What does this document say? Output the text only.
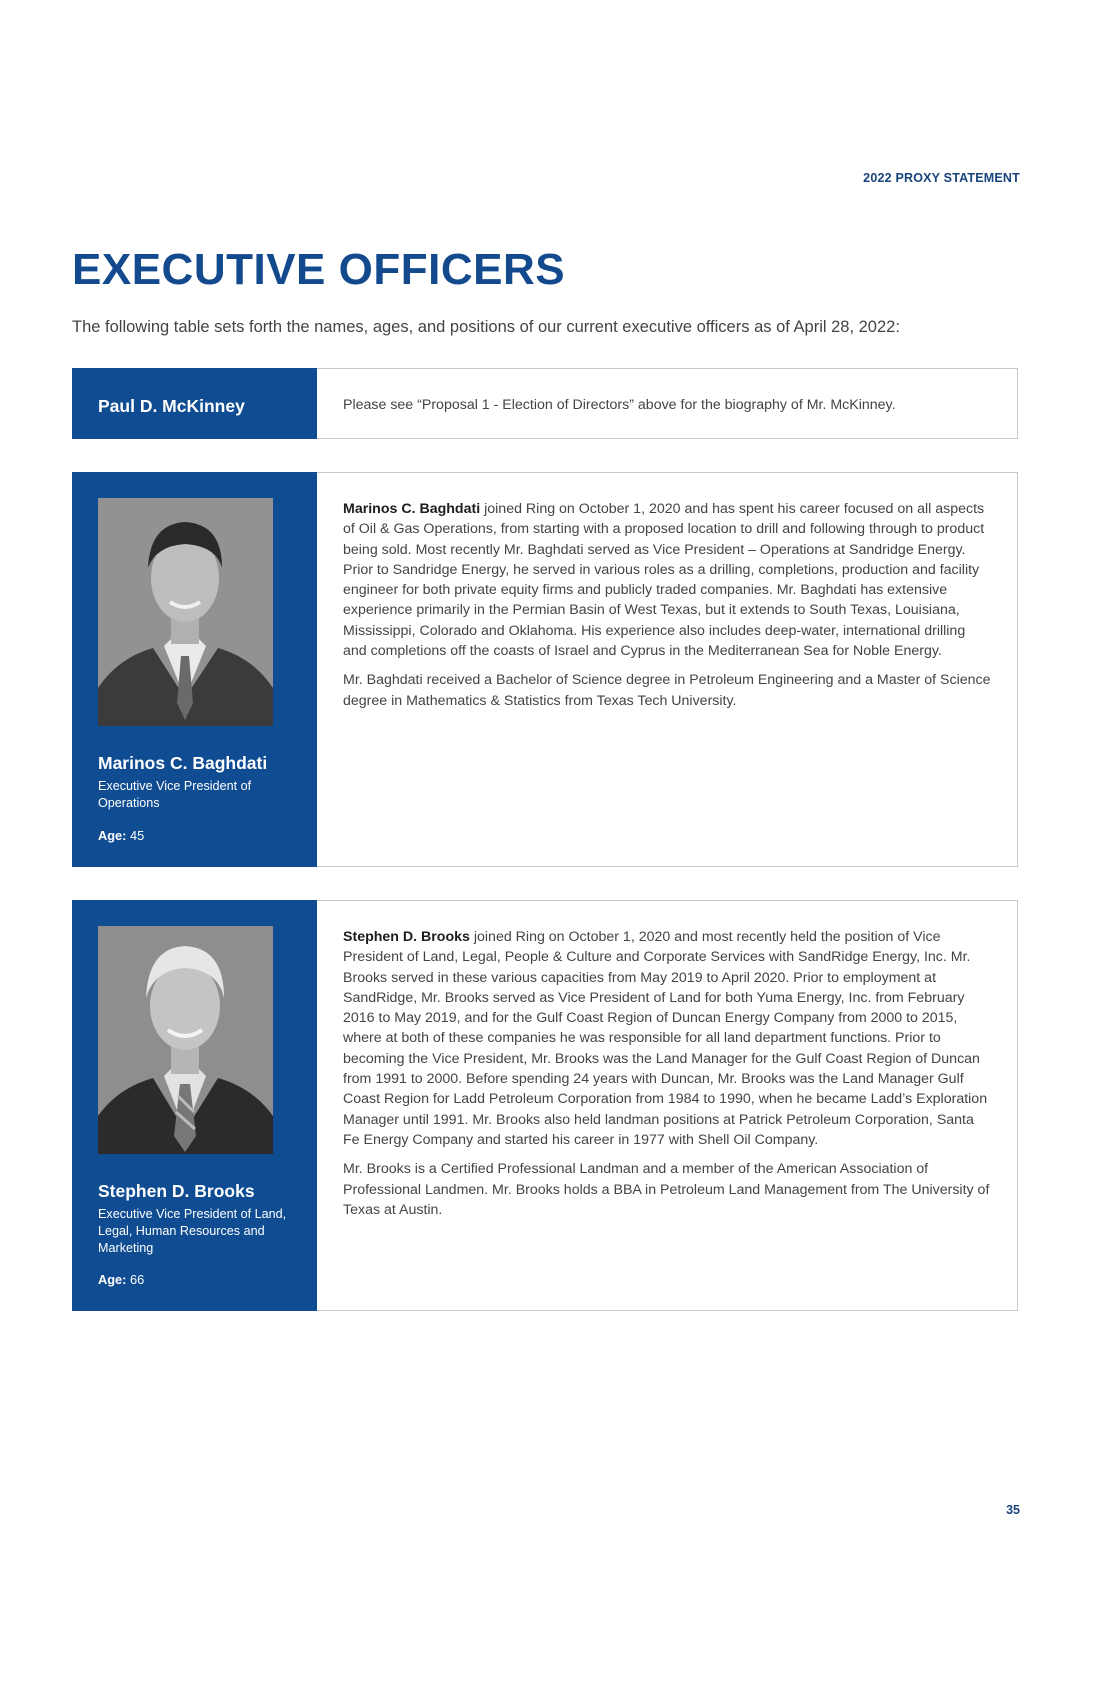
2022 PROXY STATEMENT
EXECUTIVE OFFICERS
The following table sets forth the names, ages, and positions of our current executive officers as of April 28, 2022:
Paul D. McKinney	Please see “Proposal 1 - Election of Directors” above for the biography of Mr. McKinney.

Marinos C. Baghdati
Executive Vice President of Operations
Age: 45

Marinos C. Baghdati joined Ring on October 1, 2020 and has spent his career focused on all aspects of Oil & Gas Operations, from starting with a proposed location to drill and following through to product being sold. Most recently Mr. Baghdati served as Vice President – Operations at Sandridge Energy. Prior to Sandridge Energy, he served in various roles as a drilling, completions, production and facility engineer for both private equity firms and publicly traded companies. Mr. Baghdati has extensive experience primarily in the Permian Basin of West Texas, but it extends to South Texas, Louisiana, Mississippi, Colorado and Oklahoma. His experience also includes deep-water, international drilling and completions off the coasts of Israel and Cyprus in the Mediterranean Sea for Noble Energy.

Mr. Baghdati received a Bachelor of Science degree in Petroleum Engineering and a Master of Science degree in Mathematics & Statistics from Texas Tech University.

Stephen D. Brooks
Executive Vice President of Land, Legal, Human Resources and Marketing
Age: 66

Stephen D. Brooks joined Ring on October 1, 2020 and most recently held the position of Vice President of Land, Legal, People & Culture and Corporate Services with SandRidge Energy, Inc. Mr. Brooks served in these various capacities from May 2019 to April 2020. Prior to employment at SandRidge, Mr. Brooks served as Vice President of Land for both Yuma Energy, Inc. from February 2016 to May 2019, and for the Gulf Coast Region of Duncan Energy Company from 2000 to 2015, where at both of these companies he was responsible for all land department functions. Prior to becoming the Vice President, Mr. Brooks was the Land Manager for the Gulf Coast Region of Duncan from 1991 to 2000. Before spending 24 years with Duncan, Mr. Brooks was the Land Manager Gulf Coast Region for Ladd Petroleum Corporation from 1984 to 1990, when he became Ladd’s Exploration Manager until 1991. Mr. Brooks also held landman positions at Patrick Petroleum Corporation, Santa Fe Energy Company and started his career in 1977 with Shell Oil Company.

Mr. Brooks is a Certified Professional Landman and a member of the American Association of Professional Landmen. Mr. Brooks holds a BBA in Petroleum Land Management from The University of Texas at Austin.

35
